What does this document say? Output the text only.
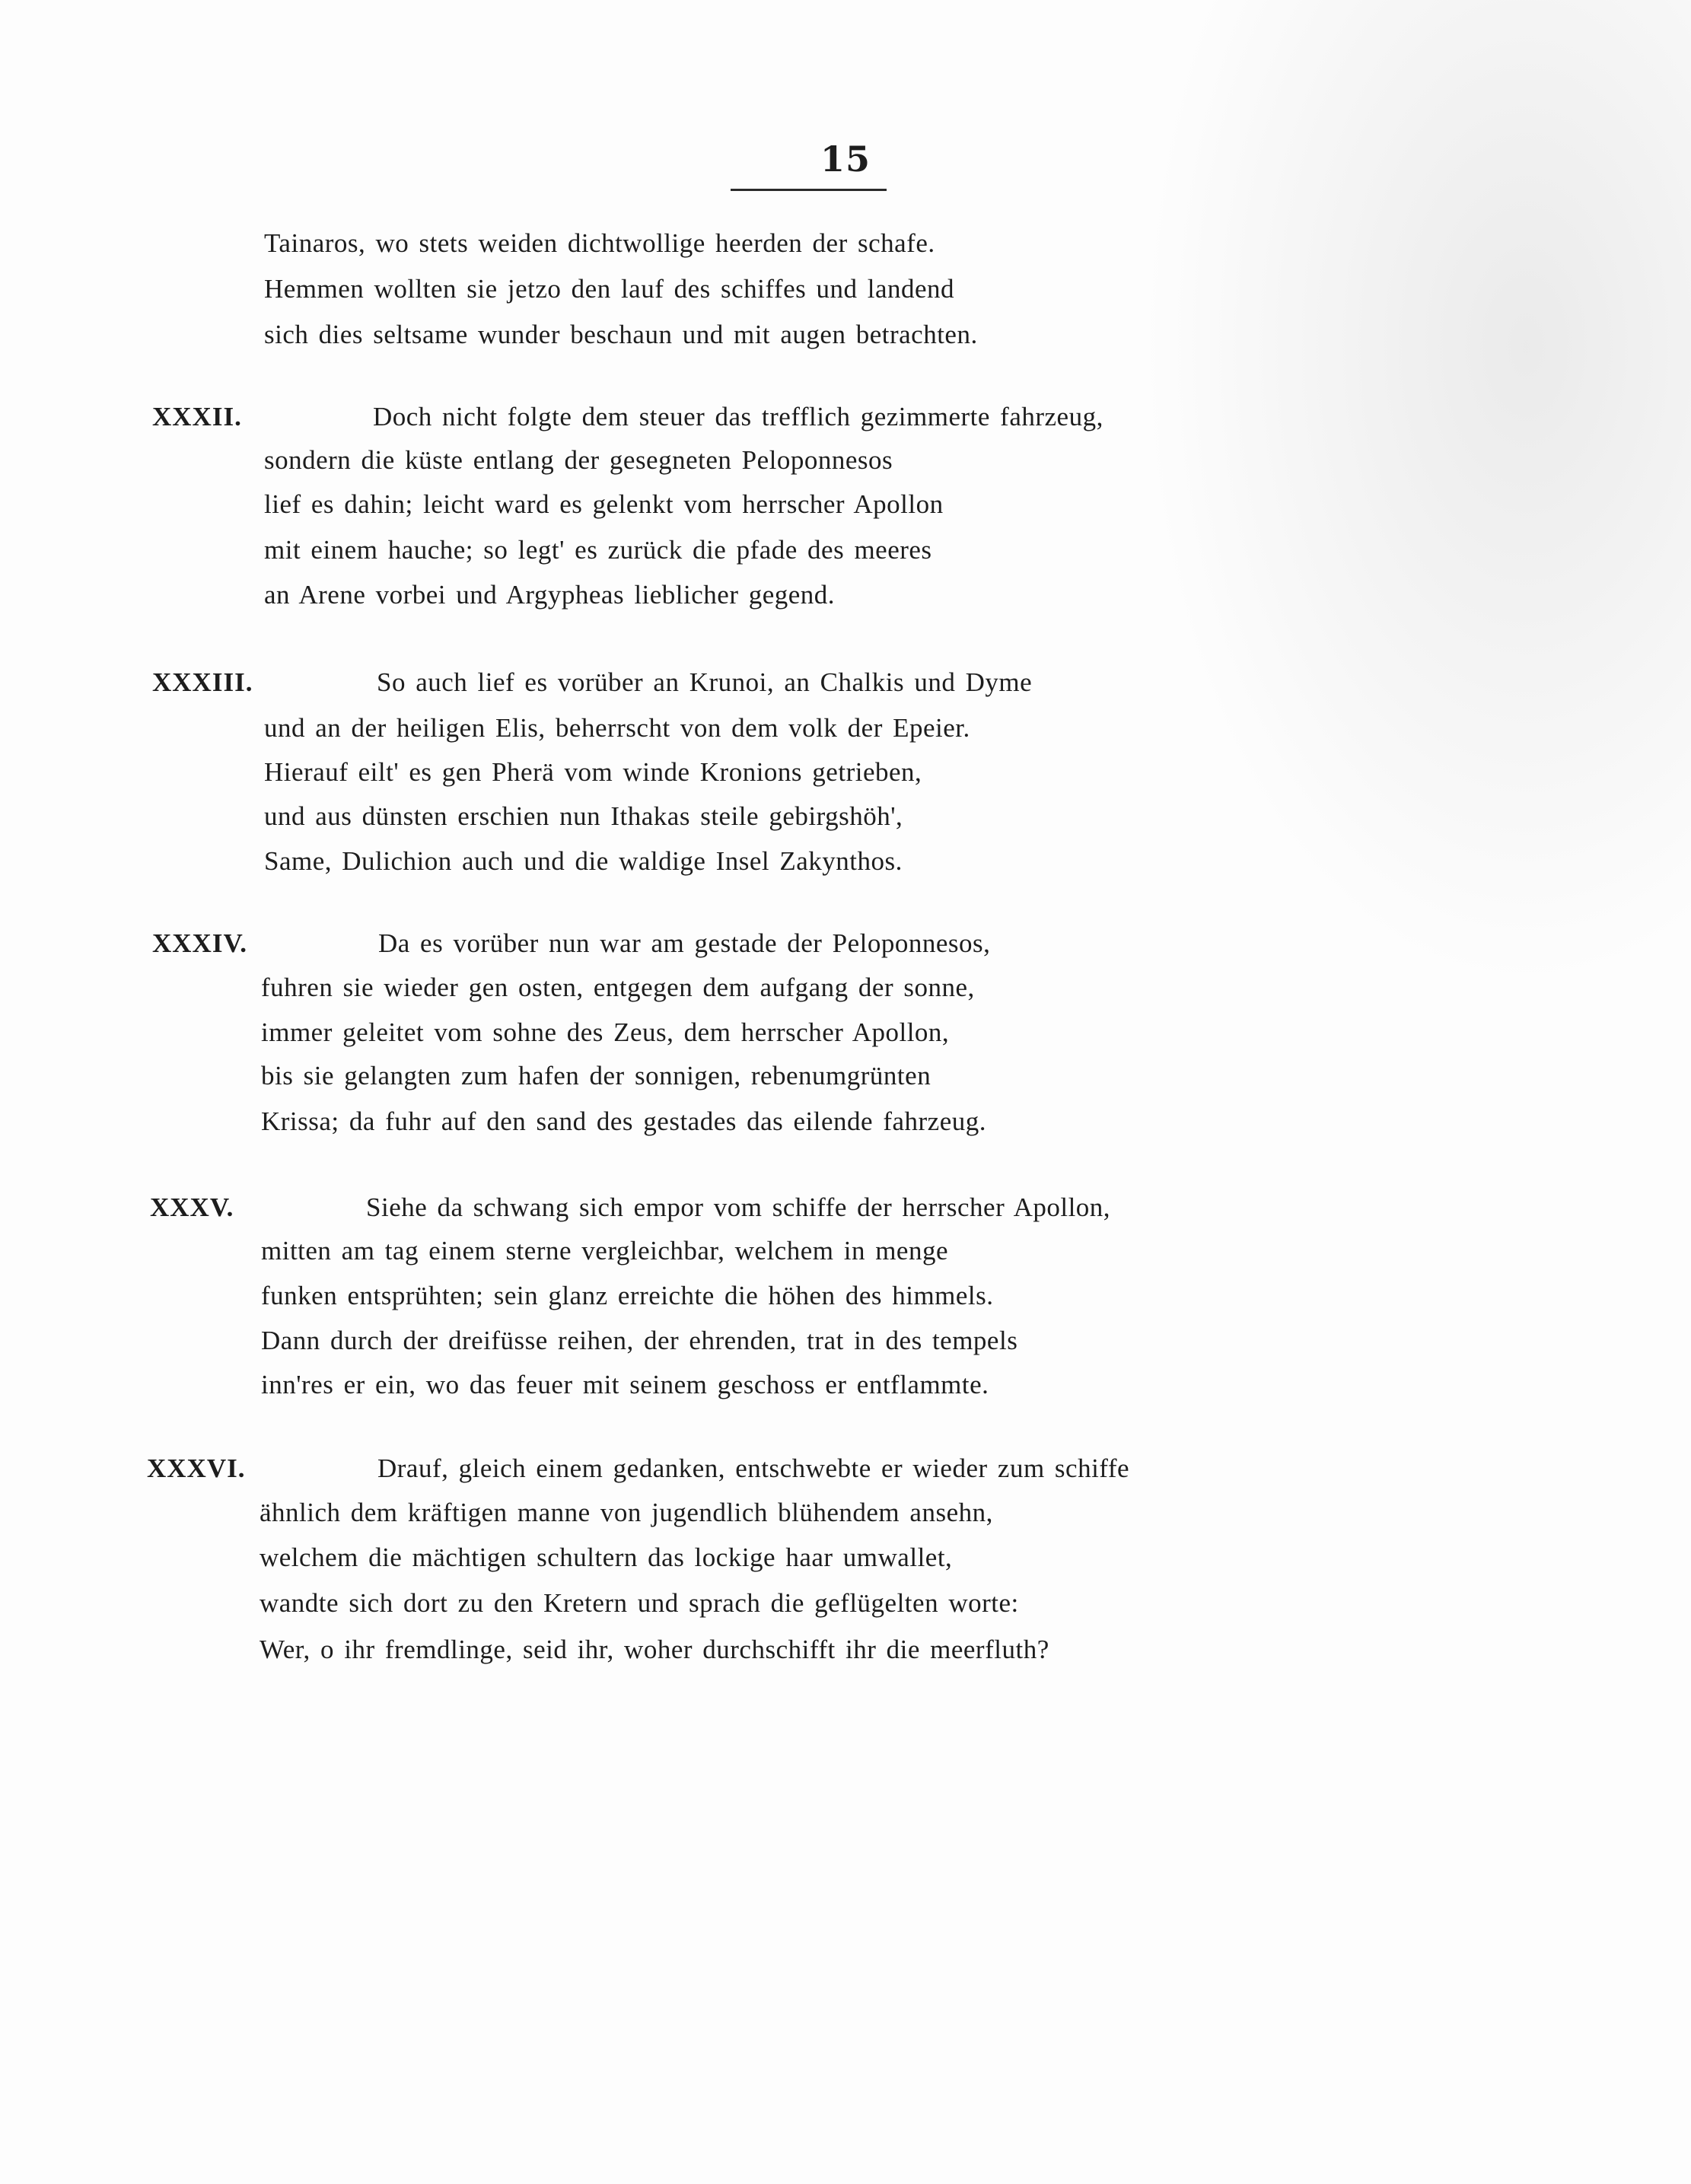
15
Tainaros, wo stets weiden dichtwollige heerden der schafe.
Hemmen wollten sie jetzo den lauf des schiffes und landend
sich dies seltsame wunder beschaun und mit augen betrachten.
XXXII.	Doch nicht folgte dem steuer das trefflich gezimmerte fahrzeug,
sondern die küste entlang der gesegneten Peloponnesos
lief es dahin; leicht ward es gelenkt vom herrscher Apollon
mit einem hauche; so legt' es zurück die pfade des meeres
an Arene vorbei und Argypheas lieblicher gegend.
XXXIII.	So auch lief es vorüber an Krunoi, an Chalkis und Dyme
und an der heiligen Elis, beherrscht von dem volk der Epeier.
Hierauf eilt' es gen Pherä vom winde Kronions getrieben,
und aus dünsten erschien nun Ithakas steile gebirgshöh',
Same, Dulichion auch und die waldige Insel Zakynthos.
XXXIV.	Da es vorüber nun war am gestade der Peloponnesos,
fuhren sie wieder gen osten, entgegen dem aufgang der sonne,
immer geleitet vom sohne des Zeus, dem herrscher Apollon,
bis sie gelangten zum hafen der sonnigen, rebenumgrünten
Krissa; da fuhr auf den sand des gestades das eilende fahrzeug.
XXXV.	Siehe da schwang sich empor vom schiffe der herrscher Apollon,
mitten am tag einem sterne vergleichbar, welchem in menge
funken entsprühten; sein glanz erreichte die höhen des himmels.
Dann durch der dreifüsse reihen, der ehrenden, trat in des tempels
inn'res er ein, wo das feuer mit seinem geschoss er entflammte.
XXXVI.	Drauf, gleich einem gedanken, entschwebte er wieder zum schiffe
ähnlich dem kräftigen manne von jugendlich blühendem ansehn,
welchem die mächtigen schultern das lockige haar umwallet,
wandte sich dort zu den Kretern und sprach die geflügelten worte:
Wer, o ihr fremdlinge, seid ihr, woher durchschifft ihr die meerfluth?
